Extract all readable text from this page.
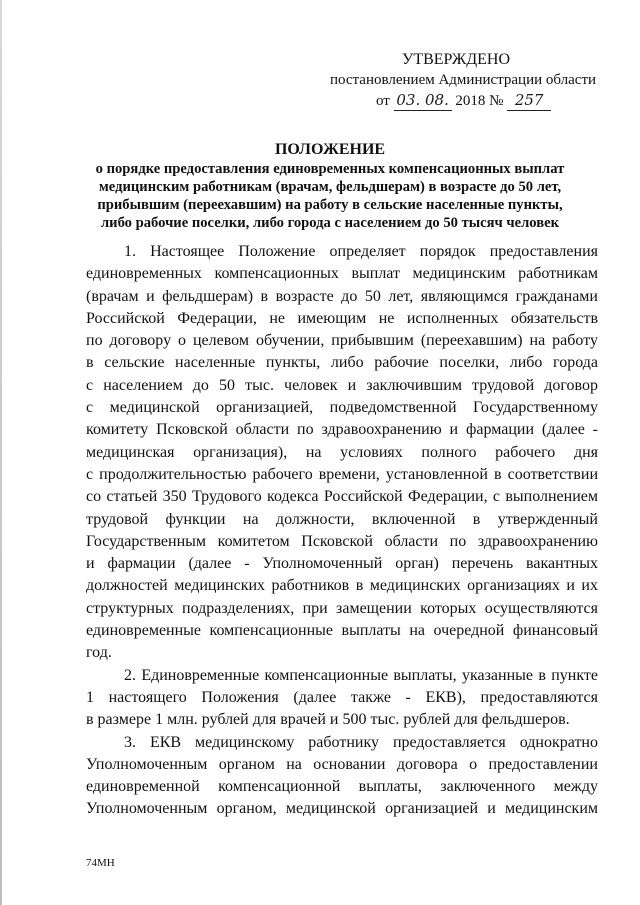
УТВЕРЖДЕНО
постановлением Администрации области
от 03. 08. 2018 № 257
ПОЛОЖЕНИЕ
о порядке предоставления единовременных компенсационных выплат
медицинским работникам (врачам, фельдшерам) в возрасте до 50 лет,
прибывшим (переехавшим) на работу в сельские населенные пункты,
либо рабочие поселки, либо города с населением до 50 тысяч человек
1. Настоящее Положение определяет порядок предоставления
единовременных компенсационных выплат медицинским работникам
(врачам и фельдшерам) в возрасте до 50 лет, являющимся гражданами
Российской Федерации, не имеющим не исполненных обязательств
по договору о целевом обучении, прибывшим (переехавшим) на работу
в сельские населенные пункты, либо рабочие поселки, либо города
с населением до 50 тыс. человек и заключившим трудовой договор
с медицинской организацией, подведомственной Государственному
комитету Псковской области по здравоохранению и фармации (далее -
медицинская организация), на условиях полного рабочего дня
с продолжительностью рабочего времени, установленной в соответствии
со статьей 350 Трудового кодекса Российской Федерации, с выполнением
трудовой функции на должности, включенной в утвержденный
Государственным комитетом Псковской области по здравоохранению
и фармации (далее - Уполномоченный орган) перечень вакантных
должностей медицинских работников в медицинских организациях и их
структурных подразделениях, при замещении которых осуществляются
единовременные компенсационные выплаты на очередной финансовый
год.
2. Единовременные компенсационные выплаты, указанные в пункте
1 настоящего Положения (далее также - ЕКВ), предоставляются
в размере 1 млн. рублей для врачей и 500 тыс. рублей для фельдшеров.
3. ЕКВ медицинскому работнику предоставляется однократно
Уполномоченным органом на основании договора о предоставлении
единовременной компенсационной выплаты, заключенного между
Уполномоченным органом, медицинской организацией и медицинским
74МН
